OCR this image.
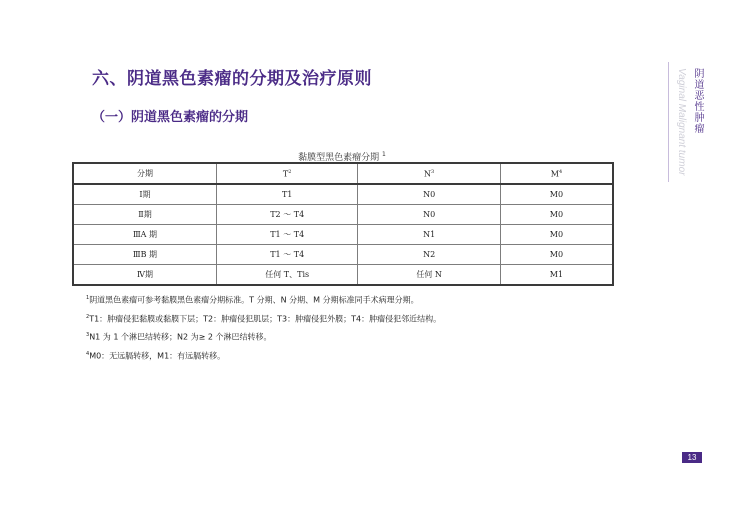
六、阴道黑色素瘤的分期及治疗原则
（一）阴道黑色素瘤的分期
黏膜型黑色素瘤分期 $^1$
分期	$T^2$	$N^3$	$M^4$
Ⅰ期	T1	N0	M0
Ⅱ期	T2 ～ T4	N0	M0
ⅢA 期	T1 ～ T4	N1	M0
ⅢB 期	T1 ～ T4	N2	M0
Ⅳ期	任何 T、Tis	任何 N	M1
$^1$阴道黑色素瘤可参考黏膜黑色素瘤分期标准。T 分期、N 分期、M 分期标准同手术病理分期。
$^2$T1：肿瘤侵犯黏膜或黏膜下层；T2：肿瘤侵犯肌层；T3：肿瘤侵犯外膜；T4：肿瘤侵犯邻近结构。
$^3$N1 为 1 个淋巴结转移；N2 为≥ 2 个淋巴结转移。
$^4$M0：无远膈转移，M1：有远膈转移。
Vaginal Malignant tumor 阴道恶性肿瘤
13
